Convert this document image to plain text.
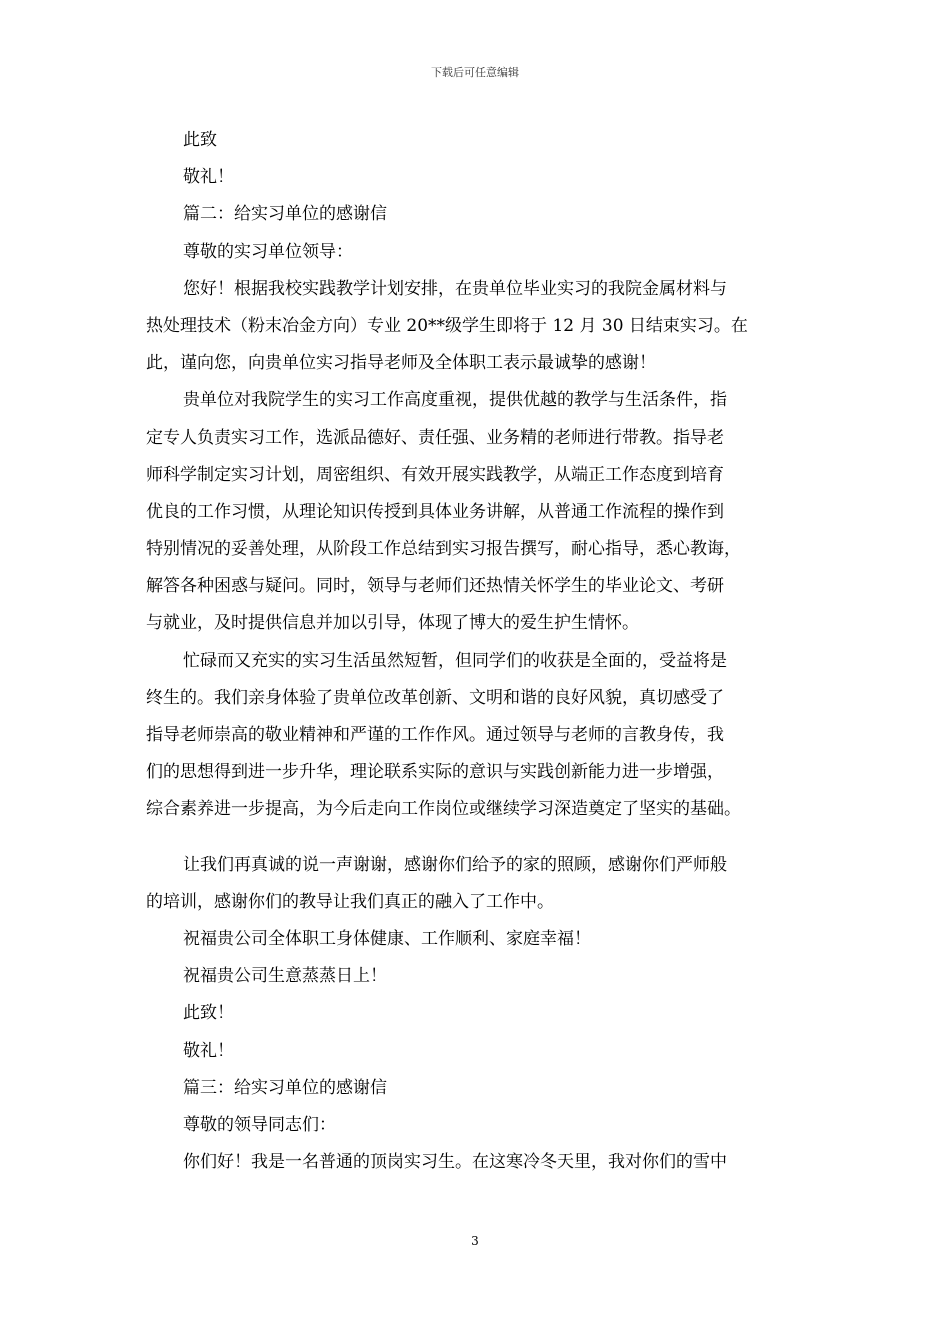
下载后可任意编辑
此致
敬礼！
篇二：给实习单位的感谢信
尊敬的实习单位领导：
您好！根据我校实践教学计划安排，在贵单位毕业实习的我院金属材料与
热处理技术（粉末冶金方向）专业 20**级学生即将于 12 月 30 日结束实习。在
此，谨向您，向贵单位实习指导老师及全体职工表示最诚挚的感谢！
贵单位对我院学生的实习工作高度重视，提供优越的教学与生活条件，指
定专人负责实习工作，选派品德好、责任强、业务精的老师进行带教。指导老
师科学制定实习计划，周密组织、有效开展实践教学，从端正工作态度到培育
优良的工作习惯，从理论知识传授到具体业务讲解，从普通工作流程的操作到
特别情况的妥善处理，从阶段工作总结到实习报告撰写，耐心指导，悉心教诲，
解答各种困惑与疑问。同时，领导与老师们还热情关怀学生的毕业论文、考研
与就业，及时提供信息并加以引导，体现了博大的爱生护生情怀。
忙碌而又充实的实习生活虽然短暂，但同学们的收获是全面的，受益将是
终生的。我们亲身体验了贵单位改革创新、文明和谐的良好风貌，真切感受了
指导老师崇高的敬业精神和严谨的工作作风。通过领导与老师的言教身传，我
们的思想得到进一步升华，理论联系实际的意识与实践创新能力进一步增强，
综合素养进一步提高，为今后走向工作岗位或继续学习深造奠定了坚实的基础。
让我们再真诚的说一声谢谢，感谢你们给予的家的照顾，感谢你们严师般
的培训，感谢你们的教导让我们真正的融入了工作中。
祝福贵公司全体职工身体健康、工作顺利、家庭幸福！
祝福贵公司生意蒸蒸日上！
此致！
敬礼！
篇三：给实习单位的感谢信
尊敬的领导同志们：
你们好！我是一名普通的顶岗实习生。在这寒冷冬天里，我对你们的雪中
3
